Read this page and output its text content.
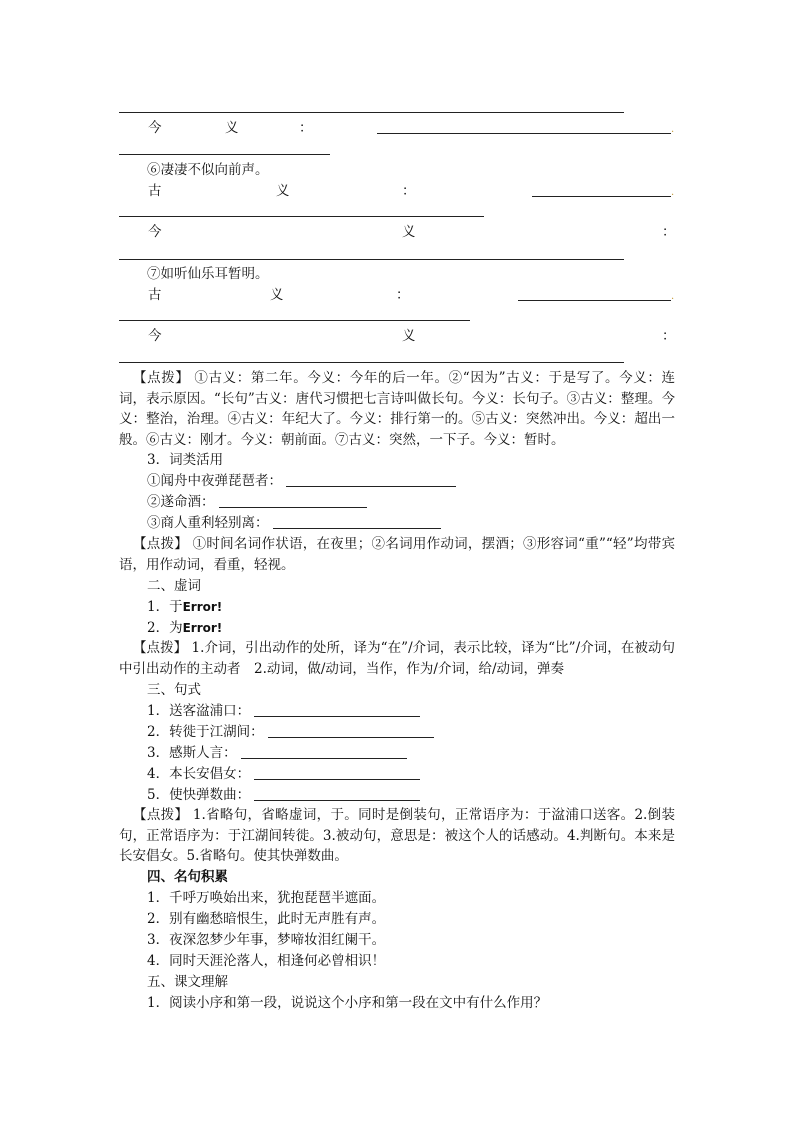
今	义	：	·
⑥凄凄不似向前声。
古	义	：	·
今	义	：
⑦如听仙乐耳暂明。
古	义	：	·
今	义	：
【点拨】 ①古义：第二年。今义：今年的后一年。②“因为”古义：于是写了。今义：连词，表示原因。“长句”古义：唐代习惯把七言诗叫做长句。今义：长句子。③古义：整理。今义：整治，治理。④古义：年纪大了。今义：排行第一的。⑤古义：突然冲出。今义：超出一般。⑥古义：刚才。今义：朝前面。⑦古义：突然，一下子。今义：暂时。
3．词类活用
①闻舟中夜弹琵琶者：
②遂命酒：
③商人重利轻别离：
【点拨】 ①时间名词作状语，在夜里；②名词用作动词，摆酒；③形容词“重”“轻”均带宾语，用作动词，看重，轻视。
二、虚词
1．于Error!
2．为Error!
【点拨】 1.介词，引出动作的处所，译为“在”/介词，表示比较，译为“比”/介词，在被动句中引出动作的主动者　2.动词，做/动词，当作，作为/介词，给/动词，弹奏
三、句式
1．送客湓浦口：
2．转徙于江湖间：
3．感斯人言：
4．本长安倡女：
5．使快弹数曲：
【点拨】 1.省略句，省略虚词，于。同时是倒装句，正常语序为：于湓浦口送客。2.倒装句，正常语序为：于江湖间转徙。3.被动句，意思是：被这个人的话感动。4.判断句。本来是长安倡女。5.省略句。使其快弹数曲。
四、名句积累
1．千呼万唤始出来，犹抱琵琶半遮面。
2．别有幽愁暗恨生，此时无声胜有声。
3．夜深忽梦少年事，梦啼妆泪红阑干。
4．同时天涯沦落人，相逢何必曾相识！
五、课文理解
1．阅读小序和第一段，说说这个小序和第一段在文中有什么作用？
